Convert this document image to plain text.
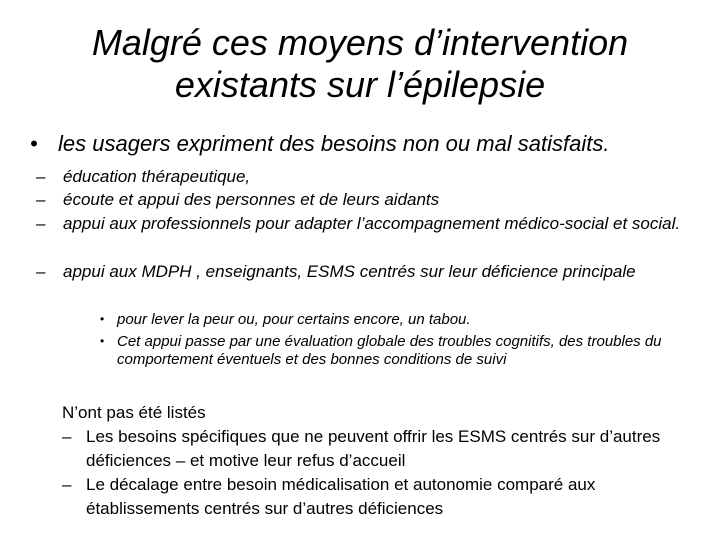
Malgré ces moyens d’intervention
existants sur l’épilepsie
• les usagers expriment des besoins non ou mal satisfaits.
– éducation thérapeutique,
– écoute et appui des personnes et de leurs aidants
– appui aux professionnels pour adapter l’accompagnement médico-social et social.
– appui aux MDPH , enseignants, ESMS centrés sur leur déficience principale
• pour lever la peur ou, pour certains encore, un tabou.
• Cet appui passe par une évaluation globale des troubles cognitifs, des troubles du comportement éventuels et des bonnes conditions de suivi
N’ont pas été listés
– Les besoins spécifiques que ne peuvent offrir les ESMS centrés sur d’autres déficiences – et motive leur refus d’accueil
– Le décalage entre besoin médicalisation et autonomie comparé aux établissements centrés sur d’autres déficiences
